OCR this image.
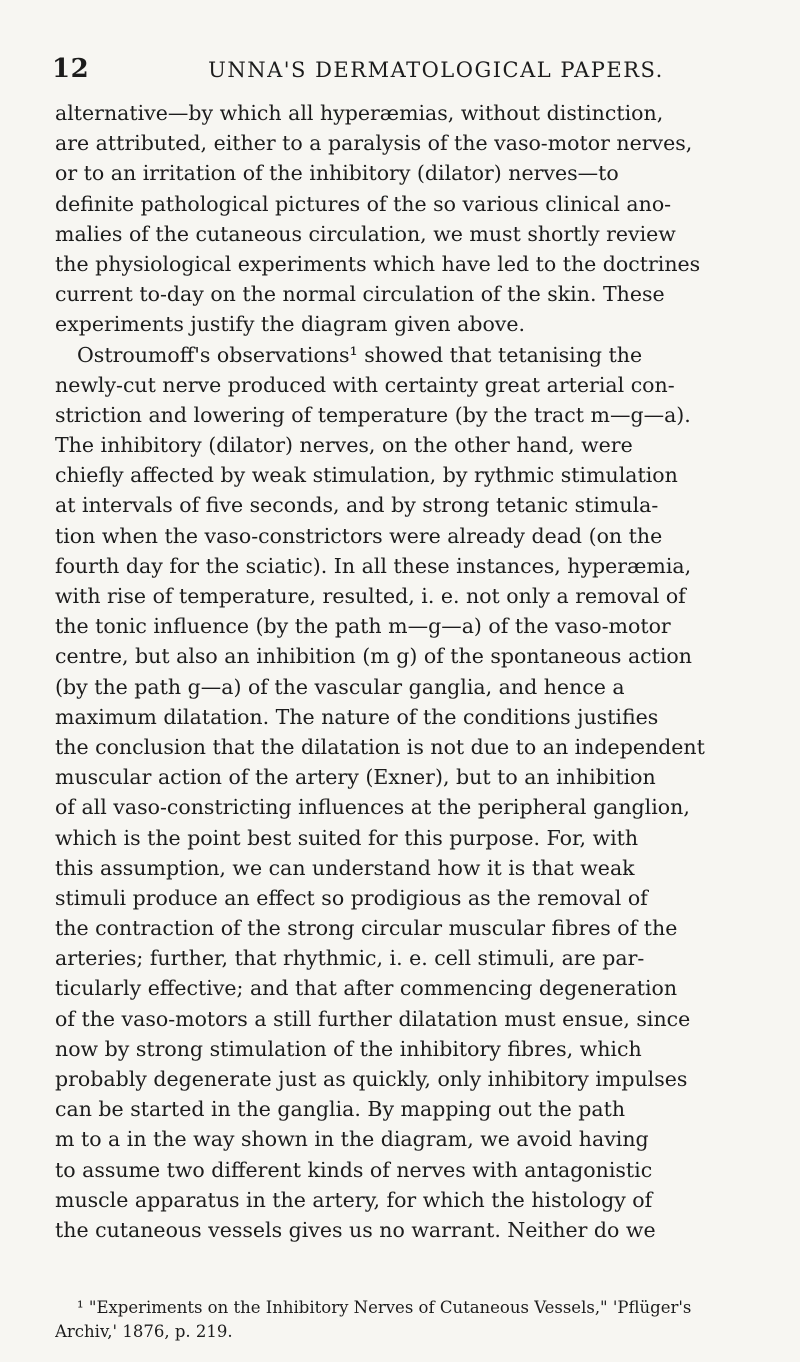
12	UNNA'S DERMATOLOGICAL PAPERS.
alternative—by which all hyperæmias, without distinction,
are attributed, either to a paralysis of the vaso-motor nerves,
or to an irritation of the inhibitory (dilator) nerves—to
definite pathological pictures of the so various clinical ano-
malies of the cutaneous circulation, we must shortly review
the physiological experiments which have led to the doctrines
current to-day on the normal circulation of the skin. These
experiments justify the diagram given above.
Ostroumoff's observations¹ showed that tetanising the
newly-cut nerve produced with certainty great arterial con-
striction and lowering of temperature (by the tract m—g—a).
The inhibitory (dilator) nerves, on the other hand, were
chiefly affected by weak stimulation, by rythmic stimulation
at intervals of five seconds, and by strong tetanic stimula-
tion when the vaso-constrictors were already dead (on the
fourth day for the sciatic). In all these instances, hyperæmia,
with rise of temperature, resulted, i. e. not only a removal of
the tonic influence (by the path m—g—a) of the vaso-motor
centre, but also an inhibition (m g) of the spontaneous action
(by the path g—a) of the vascular ganglia, and hence a
maximum dilatation. The nature of the conditions justifies
the conclusion that the dilatation is not due to an independent
muscular action of the artery (Exner), but to an inhibition
of all vaso-constricting influences at the peripheral ganglion,
which is the point best suited for this purpose. For, with
this assumption, we can understand how it is that weak
stimuli produce an effect so prodigious as the removal of
the contraction of the strong circular muscular fibres of the
arteries; further, that rhythmic, i. e. cell stimuli, are par-
ticularly effective; and that after commencing degeneration
of the vaso-motors a still further dilatation must ensue, since
now by strong stimulation of the inhibitory fibres, which
probably degenerate just as quickly, only inhibitory impulses
can be started in the ganglia. By mapping out the path
m to a in the way shown in the diagram, we avoid having
to assume two different kinds of nerves with antagonistic
muscle apparatus in the artery, for which the histology of
the cutaneous vessels gives us no warrant. Neither do we
¹ "Experiments on the Inhibitory Nerves of Cutaneous Vessels," 'Pflüger's
Archiv,' 1876, p. 219.
